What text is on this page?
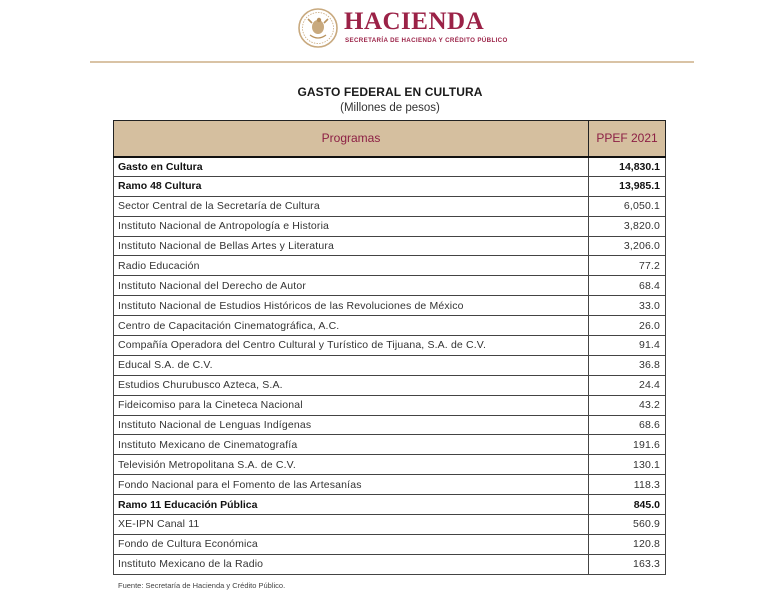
HACIENDA
SECRETARÍA DE HACIENDA Y CRÉDITO PÚBLICO
GASTO FEDERAL EN CULTURA
(Millones de pesos)
Programas	PPEF 2021
Gasto en Cultura	14,830.1
Ramo 48 Cultura	13,985.1
Sector Central de la Secretaría de Cultura	6,050.1
Instituto Nacional de Antropología e Historia	3,820.0
Instituto Nacional de Bellas Artes y Literatura	3,206.0
Radio Educación	77.2
Instituto Nacional del Derecho de Autor	68.4
Instituto Nacional de Estudios Históricos de las Revoluciones de México	33.0
Centro de Capacitación Cinematográfica, A.C.	26.0
Compañía Operadora del Centro Cultural y Turístico de Tijuana, S.A. de C.V.	91.4
Educal S.A. de C.V.	36.8
Estudios Churubusco Azteca, S.A.	24.4
Fideicomiso para la Cineteca Nacional	43.2
Instituto Nacional de Lenguas Indígenas	68.6
Instituto Mexicano de Cinematografía	191.6
Televisión Metropolitana S.A. de C.V.	130.1
Fondo Nacional para el Fomento de las Artesanías	118.3
Ramo 11 Educación Pública	845.0
XE-IPN Canal 11	560.9
Fondo de Cultura Económica	120.8
Instituto Mexicano de la Radio	163.3
Fuente: Secretaría de Hacienda y Crédito Público.
